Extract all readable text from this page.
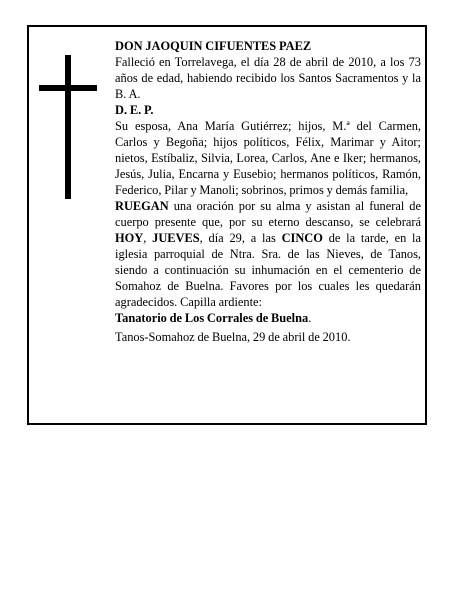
DON JAOQUIN CIFUENTES PAEZ

Falleció en Torrelavega, el día 28 de abril de 2010, a los 73 años de edad, habiendo recibido los Santos Sacramentos y la B. A.

D. E. P.

Su esposa, Ana María Gutiérrez; hijos, M.ª del Carmen, Carlos y Begoña; hijos políticos, Félix, Marimar y Aitor; nietos, Estíbaliz, Silvia, Lorea, Carlos, Ane e Iker; hermanos, Jesús, Julia, Encarna y Eusebio; hermanos políticos, Ramón, Federico, Pilar y Manoli; sobrinos, primos y demás familia,

RUEGAN una oración por su alma y asistan al funeral de cuerpo presente que, por su eterno descanso, se celebrará HOY, JUEVES, día 29, a las CINCO de la tarde, en la iglesia parroquial de Ntra. Sra. de las Nieves, de Tanos, siendo a continuación su inhumación en el cementerio de Somahoz de Buelna. Favores por los cuales les quedarán agradecidos. Capilla ardiente:

Tanatorio de Los Corrales de Buelna.

Tanos-Somahoz de Buelna, 29 de abril de 2010.
